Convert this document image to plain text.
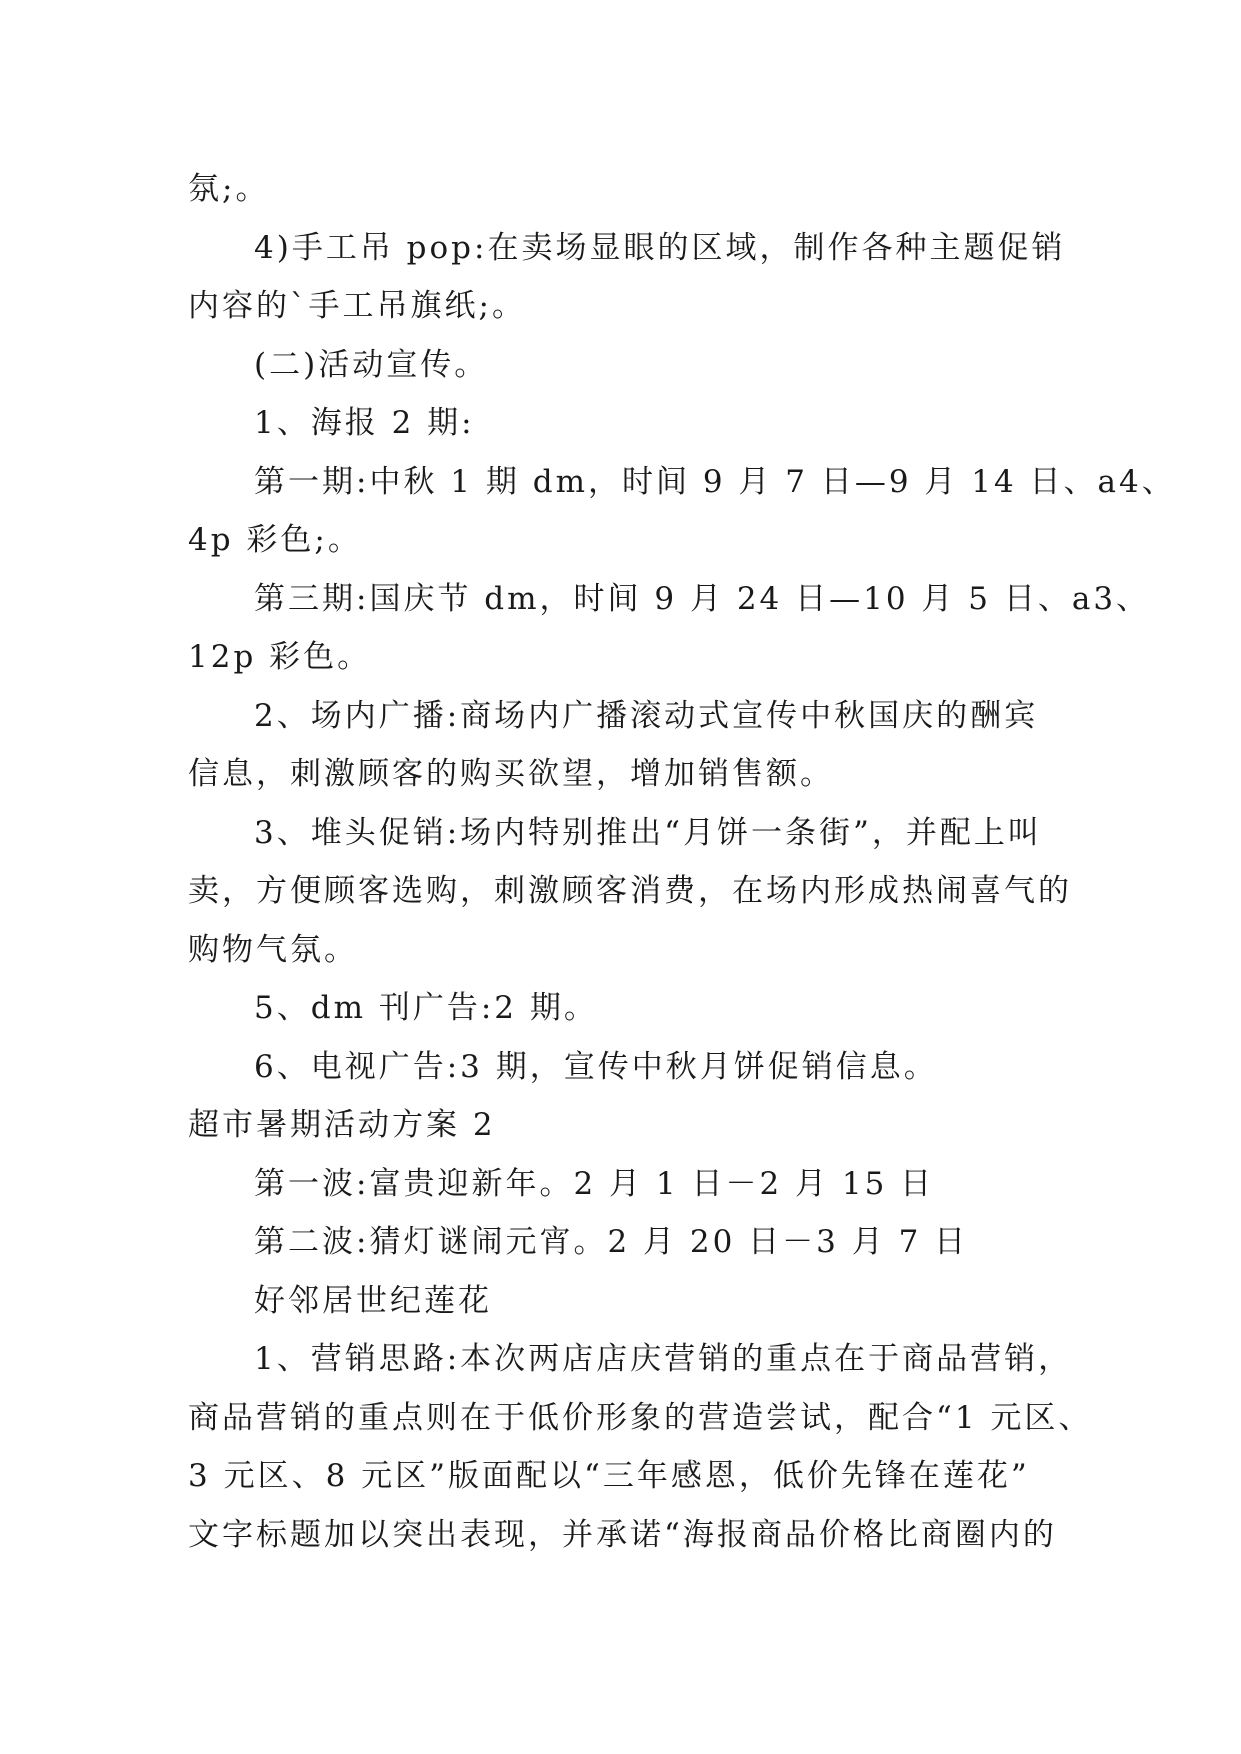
氛;。
4)手工吊 pop:在卖场显眼的区域，制作各种主题促销
内容的`手工吊旗纸;。
(二)活动宣传。
1、海报 2 期:
第一期:中秋 1 期 dm，时间 9 月 7 日—9 月 14 日、a4、
4p 彩色;。
第三期:国庆节 dm，时间 9 月 24 日—10 月 5 日、a3、
12p 彩色。
2、场内广播:商场内广播滚动式宣传中秋国庆的酬宾
信息，刺激顾客的购买欲望，增加销售额。
3、堆头促销:场内特别推出“月饼一条街”，并配上叫
卖，方便顾客选购，刺激顾客消费，在场内形成热闹喜气的
购物气氛。
5、dm 刊广告:2 期。
6、电视广告:3 期，宣传中秋月饼促销信息。
超市暑期活动方案 2
第一波:富贵迎新年。2 月 1 日－2 月 15 日
第二波:猜灯谜闹元宵。2 月 20 日－3 月 7 日
好邻居世纪莲花
1、营销思路:本次两店店庆营销的重点在于商品营销，
商品营销的重点则在于低价形象的营造尝试，配合“1 元区、
3 元区、8 元区”版面配以“三年感恩，低价先锋在莲花”
文字标题加以突出表现，并承诺“海报商品价格比商圈内的
